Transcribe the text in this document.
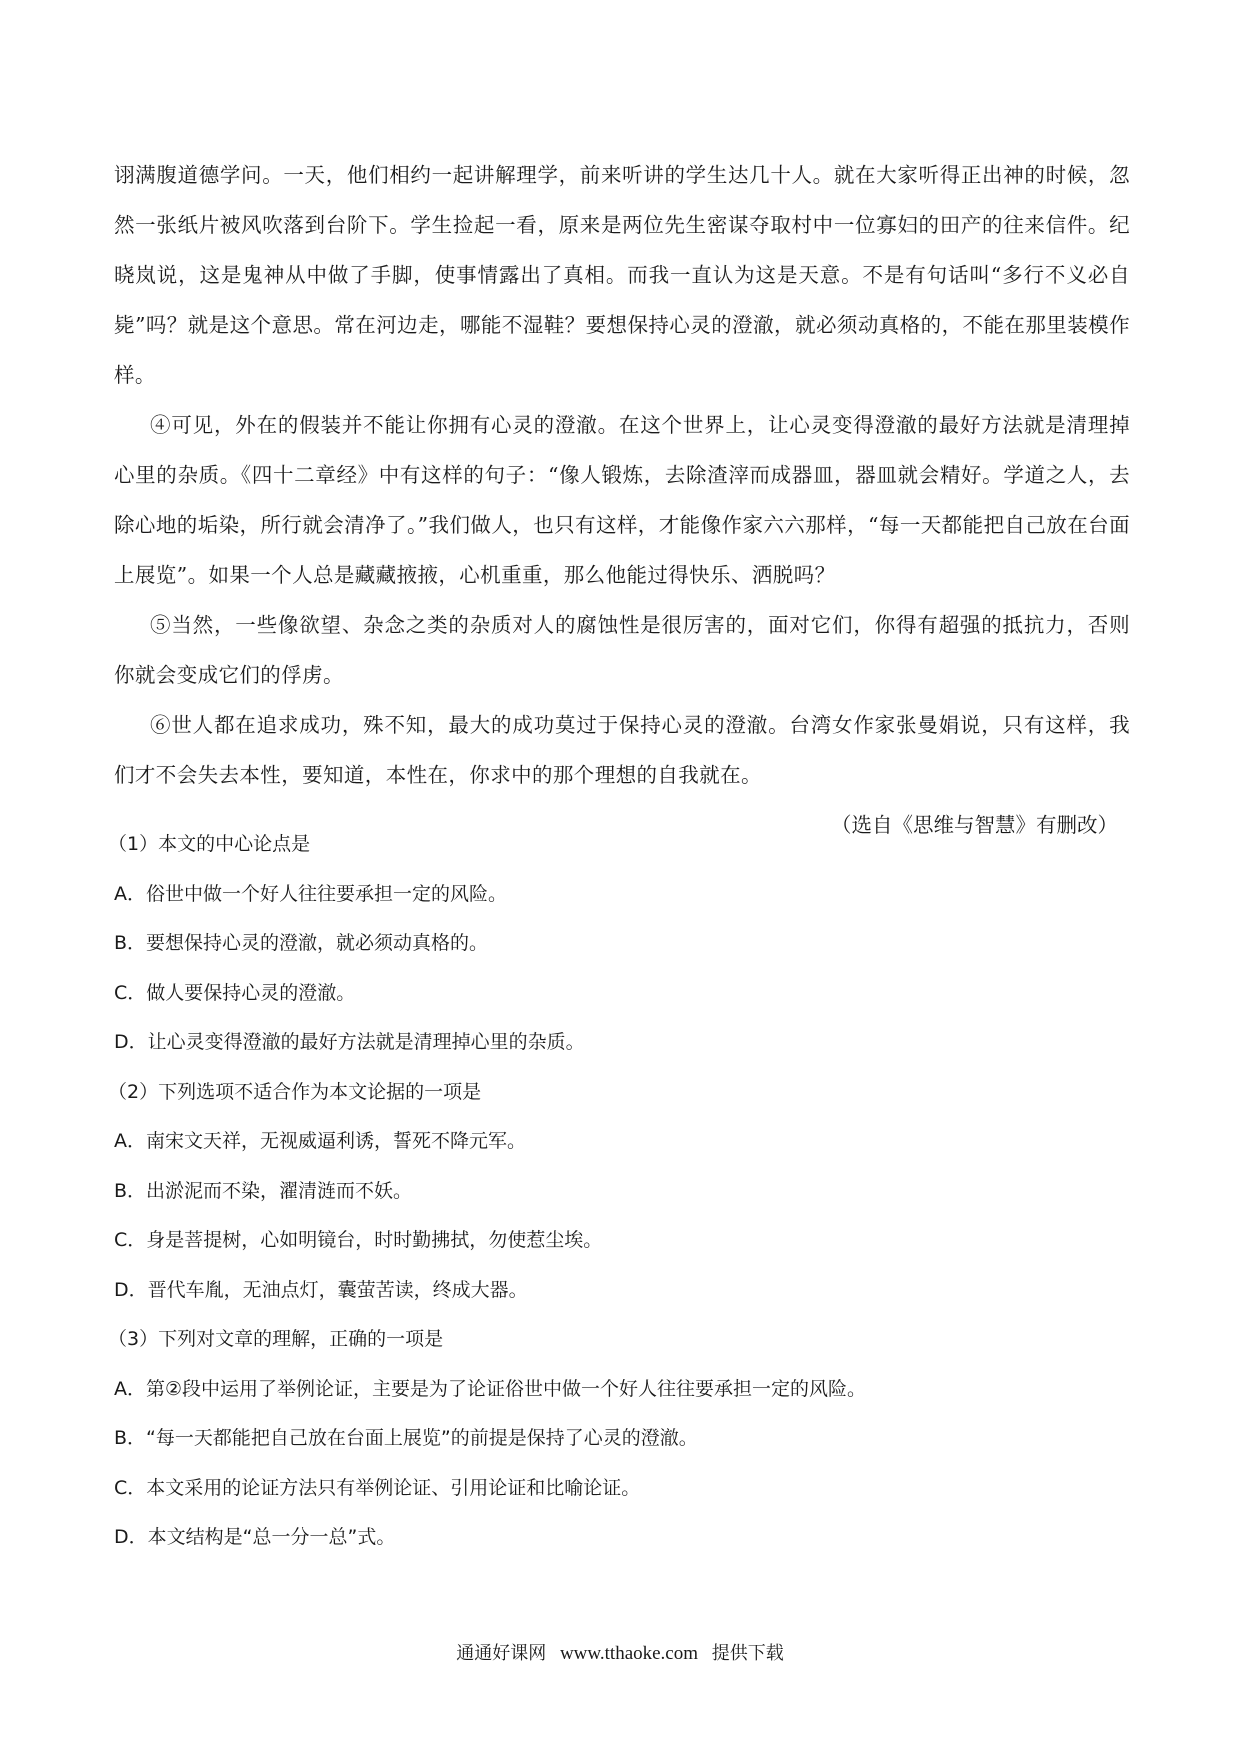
诩满腹道德学问。一天，他们相约一起讲解理学，前来听讲的学生达几十人。就在大家听得正出神的时候，忽然一张纸片被风吹落到台阶下。学生捡起一看，原来是两位先生密谋夺取村中一位寡妇的田产的往来信件。纪晓岚说，这是鬼神从中做了手脚，使事情露出了真相。而我一直认为这是天意。不是有句话叫“多行不义必自毙”吗？就是这个意思。常在河边走，哪能不湿鞋？要想保持心灵的澄澈，就必须动真格的，不能在那里装模作样。

④可见，外在的假装并不能让你拥有心灵的澄澈。在这个世界上，让心灵变得澄澈的最好方法就是清理掉心里的杂质。《四十二章经》中有这样的句子：“像人锻炼，去除渣滓而成器皿，器皿就会精好。学道之人，去除心地的垢染，所行就会清净了。”我们做人，也只有这样，才能像作家六六那样，“每一天都能把自己放在台面上展览”。如果一个人总是藏藏掖掖，心机重重，那么他能过得快乐、洒脱吗？

⑤当然，一些像欲望、杂念之类的杂质对人的腐蚀性是很厉害的，面对它们，你得有超强的抵抗力，否则你就会变成它们的俘虏。

⑥世人都在追求成功，殊不知，最大的成功莫过于保持心灵的澄澈。台湾女作家张曼娟说，只有这样，我们才不会失去本性，要知道，本性在，你求中的那个理想的自我就在。

（选自《思维与智慧》有删改）

（1）本文的中心论点是

A．俗世中做一个好人往往要承担一定的风险。

B．要想保持心灵的澄澈，就必须动真格的。

C．做人要保持心灵的澄澈。

D．让心灵变得澄澈的最好方法就是清理掉心里的杂质。

（2）下列选项不适合作为本文论据的一项是

A．南宋文天祥，无视威逼利诱，誓死不降元军。

B．出淤泥而不染，濯清涟而不妖。

C．身是菩提树，心如明镜台，时时勤拂拭，勿使惹尘埃。

D．晋代车胤，无油点灯，囊萤苦读，终成大器。

（3）下列对文章的理解，正确的一项是

A．第②段中运用了举例论证，主要是为了论证俗世中做一个好人往往要承担一定的风险。

B．“每一天都能把自己放在台面上展览”的前提是保持了心灵的澄澈。

C．本文采用的论证方法只有举例论证、引用论证和比喻论证。

D．本文结构是“总一分一总”式。

通通好课网 www.tthaoke.com 提供下载
